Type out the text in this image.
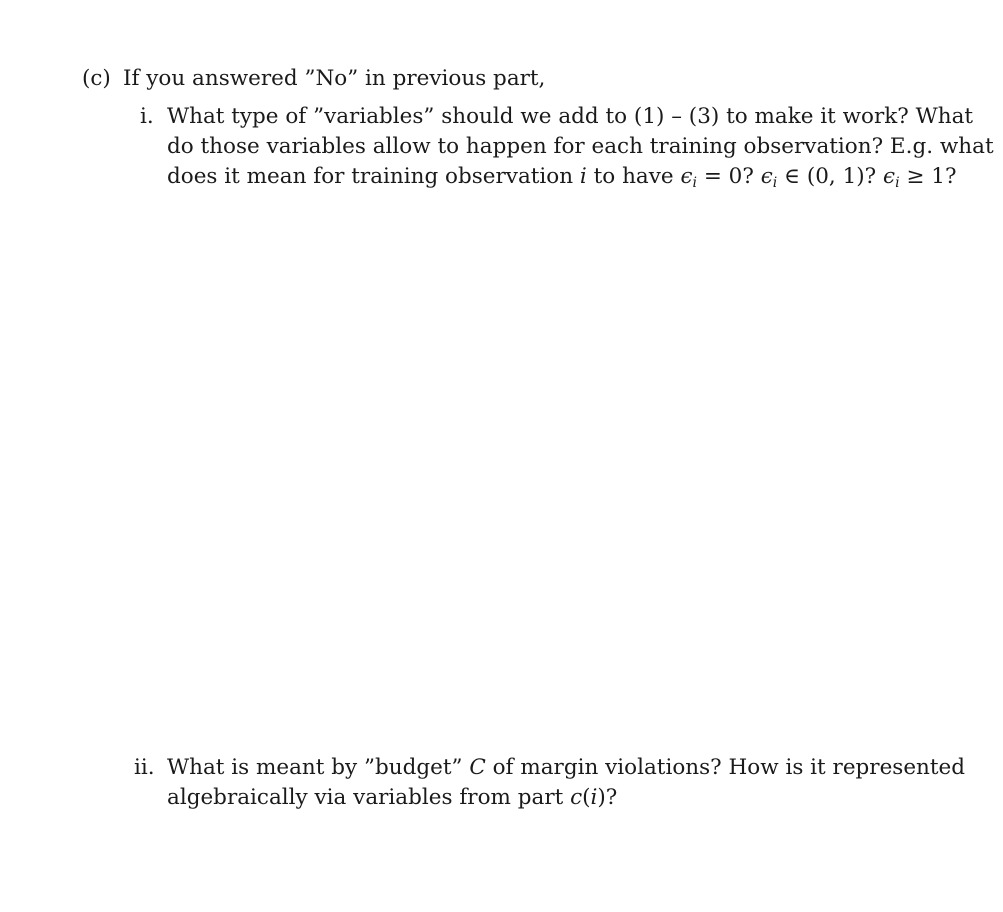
(c) If you answered ”No” in previous part,
i. What type of ”variables” should we add to (1) – (3) to make it work? What
do those variables allow to happen for each training observation? E.g. what
does it mean for training observation i to have $\epsilon_i = 0$? $\epsilon_i$ ∈ (0, 1)? $\epsilon_i \ge 1$?
ii. What is meant by ”budget” C of margin violations? How is it represented
algebraically via variables from part c(i)?
